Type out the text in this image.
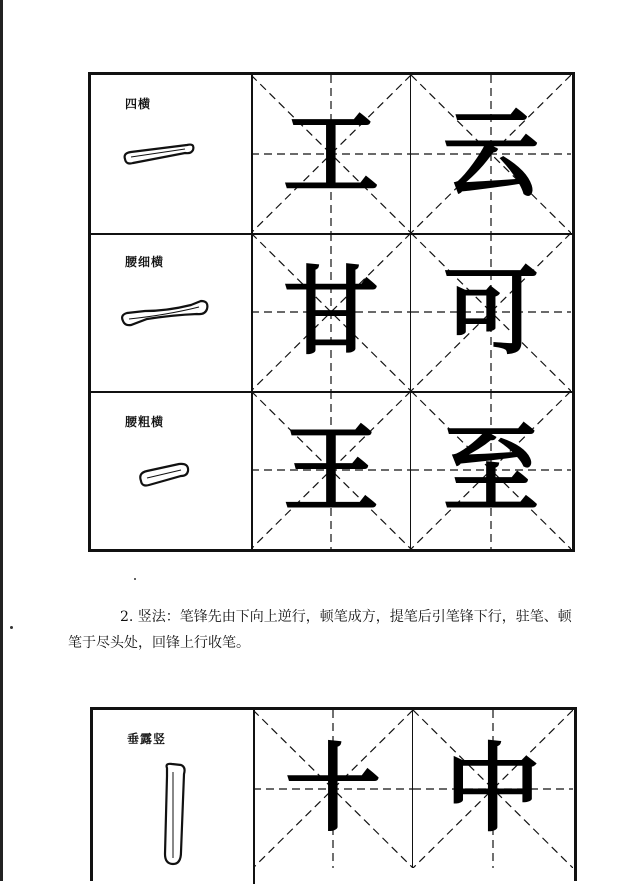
四横	工 云
腰细横	甘 可
腰粗横	王 至

2. 竖法：笔锋先由下向上逆行，顿笔成方，提笔后引笔锋下行，驻笔、顿
笔于尽头处，回锋上行收笔。

垂露竖	十 中
